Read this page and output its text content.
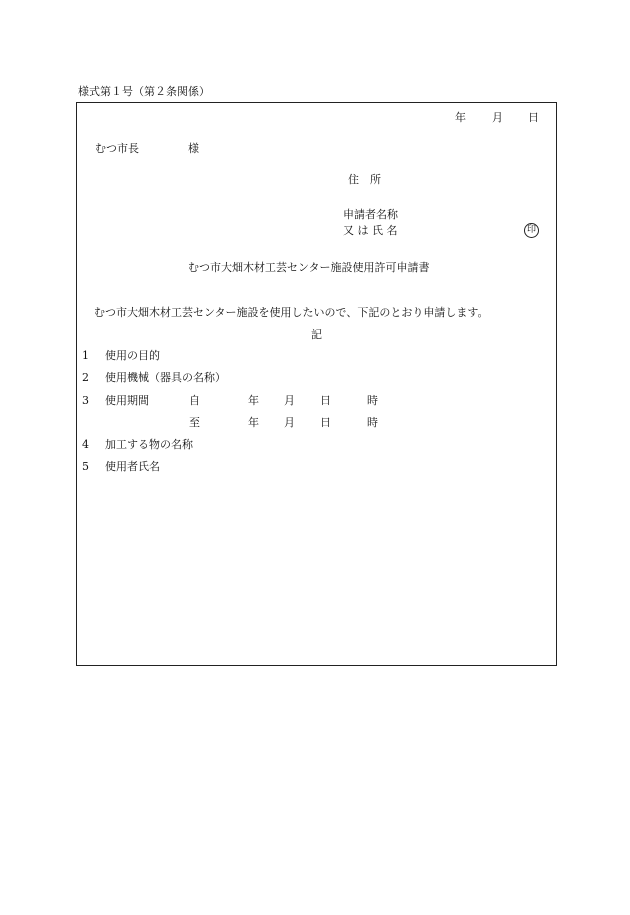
様式第１号（第２条関係）
年 月 日
むつ市長	様
住　所
申請者名称
又 は 氏 名	印
むつ市大畑木材工芸センター施設使用許可申請書
むつ市大畑木材工芸センター施設を使用したいので、下記のとおり申請します。
記
1 使用の目的
2 使用機械（器具の名称）
3 使用期間	自	年 月 日	時
至	年 月 日	時
4 加工する物の名称
5 使用者氏名
